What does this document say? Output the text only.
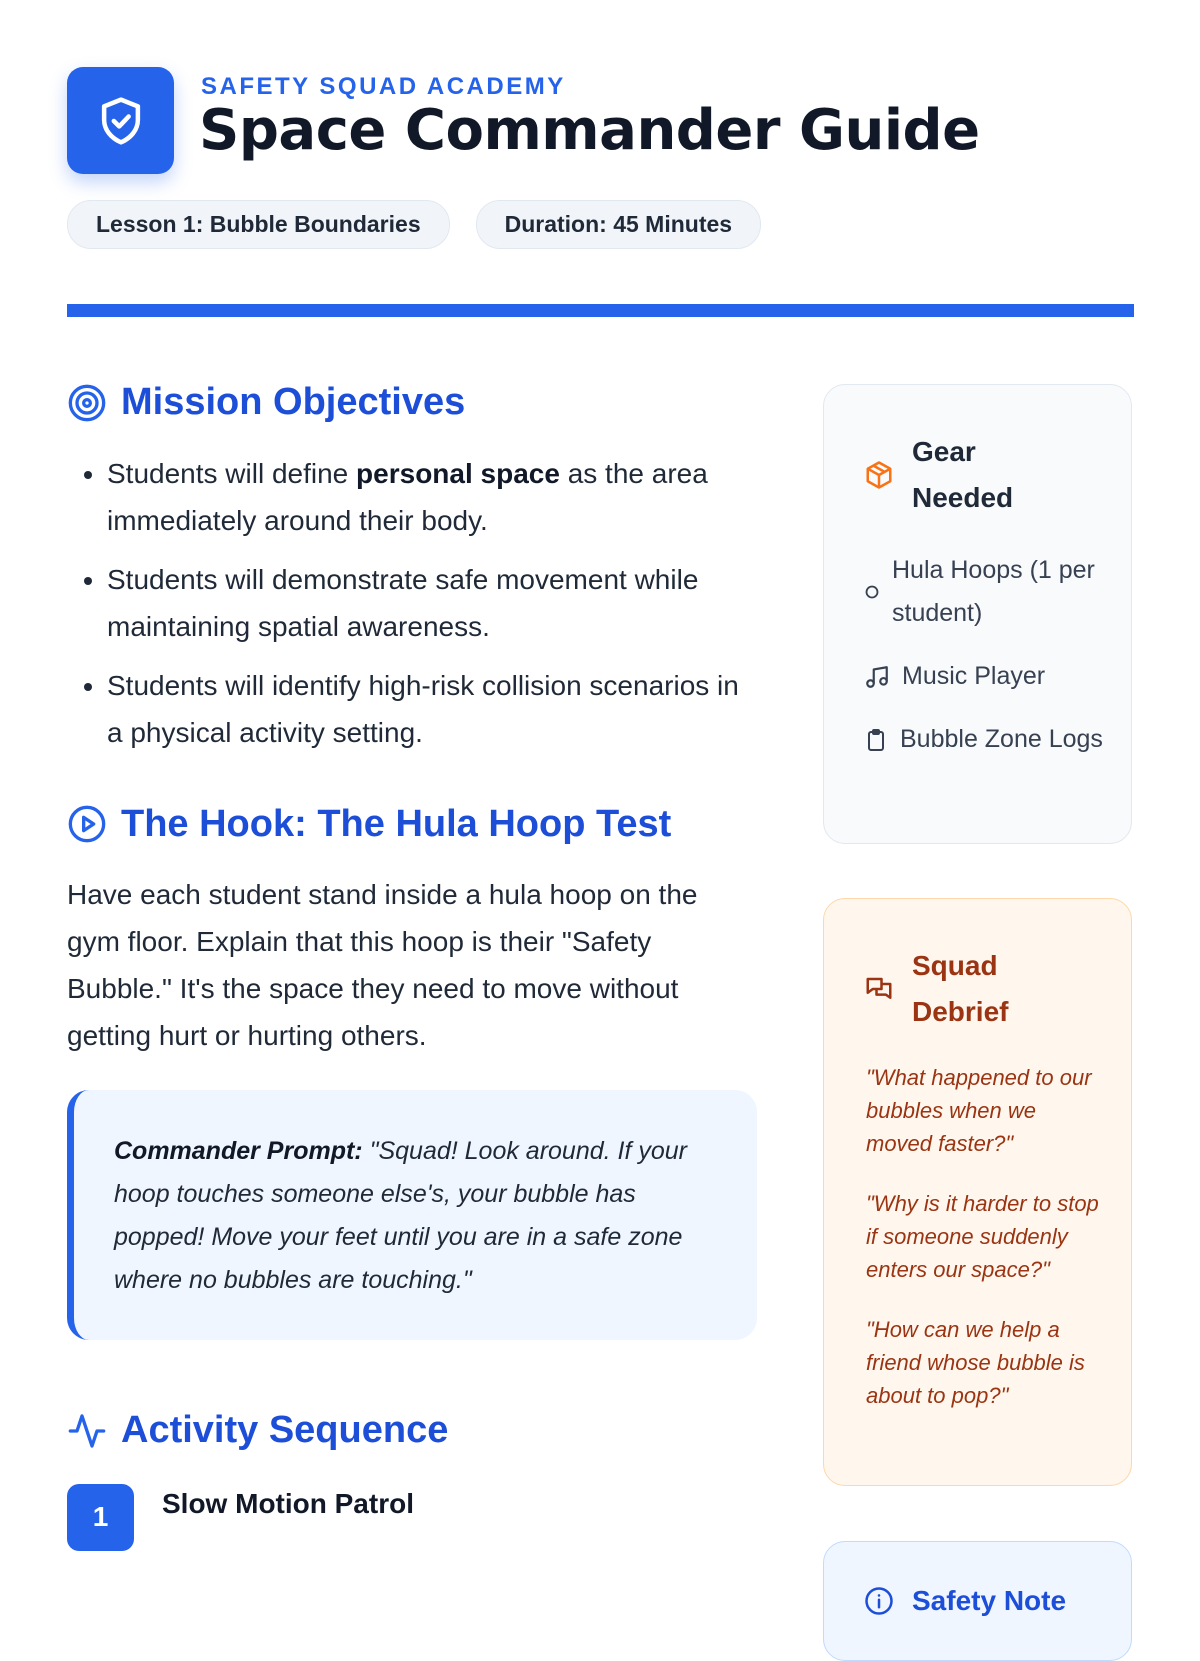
SAFETY SQUAD ACADEMY

Space Commander Guide
Lesson 1: Bubble Boundaries	Duration: 45 Minutes
Mission Objectives
• Students will define personal space as the area immediately around their body.
• Students will demonstrate safe movement while maintaining spatial awareness.
• Students will identify high-risk collision scenarios in a physical activity setting.
The Hook: The Hula Hoop Test

Have each student stand inside a hula hoop on the gym floor. Explain that this hoop is their "Safety Bubble." It's the space they need to move without getting hurt or hurting others.

Commander Prompt: "Squad! Look around. If your hoop touches someone else's, your bubble has popped! Move your feet until you are in a safe zone where no bubbles are touching."
Activity Sequence
1	Slow Motion Patrol
Gear Needed
Hula Hoops (1 per student)
Music Player
Bubble Zone Logs
Squad Debrief

"What happened to our bubbles when we moved faster?"

"Why is it harder to stop if someone suddenly enters our space?"

"How can we help a friend whose bubble is about to pop?"

Safety Note
